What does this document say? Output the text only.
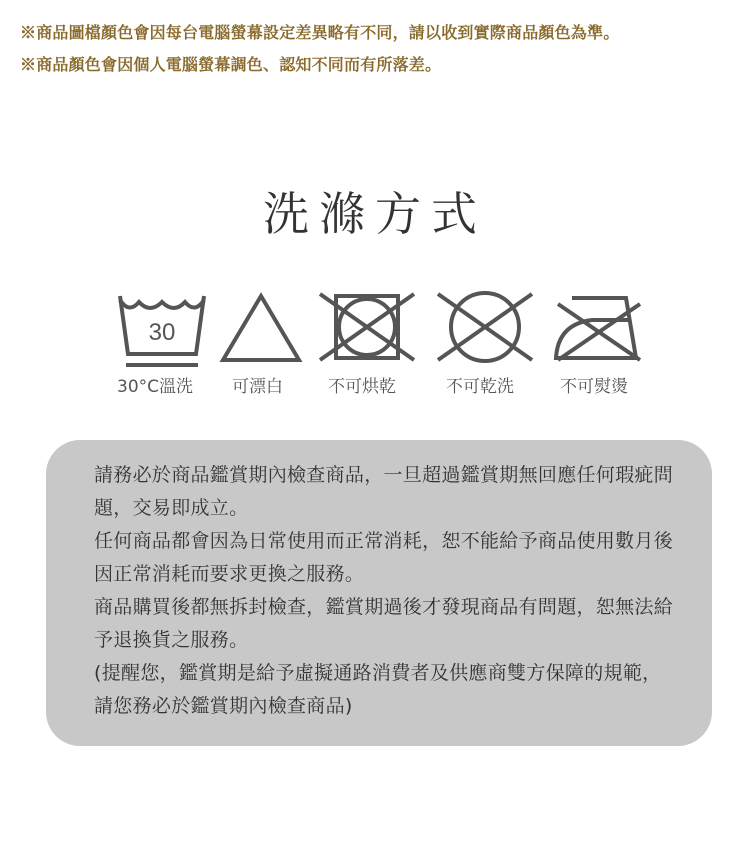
※商品圖檔顏色會因每台電腦螢幕設定差異略有不同，請以收到實際商品顏色為準。
※商品顏色會因個人電腦螢幕調色、認知不同而有所落差。
洗滌方式
30
30°C溫洗 可漂白	不可烘乾	不可乾洗	不可熨燙

請務必於商品鑑賞期內檢查商品，一旦超過鑑賞期無回應任何瑕疵問題，交易即成立。

任何商品都會因為日常使用而正常消耗，恕不能給予商品使用數月後因正常消耗而要求更換之服務。

商品購買後都無拆封檢查，鑑賞期過後才發現商品有問題，恕無法給予退換貨之服務。

(提醒您，鑑賞期是給予虛擬通路消費者及供應商雙方保障的規範，請您務必於鑑賞期內檢查商品)
